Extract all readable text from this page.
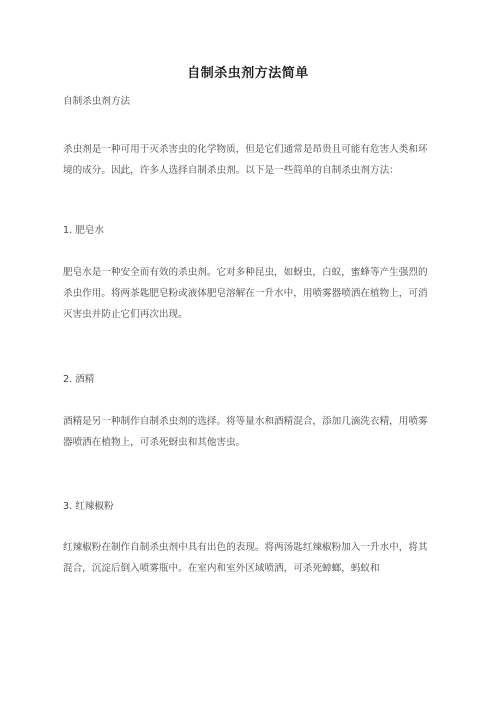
自制杀虫剂方法简单
自制杀虫剂方法
杀虫剂是一种可用于灭杀害虫的化学物质，但是它们通常是昂贵且可能有危害人类和环境的成分。因此，许多人选择自制杀虫剂。以下是一些简单的自制杀虫剂方法：
1. 肥皂水
肥皂水是一种安全而有效的杀虫剂。它对多种昆虫，如蚜虫，白蚁，蜜蜂等产生强烈的杀虫作用。将两茶匙肥皂粉或液体肥皂溶解在一升水中，用喷雾器喷洒在植物上，可消灭害虫并防止它们再次出现。
2. 酒精
酒精是另一种制作自制杀虫剂的选择。将等量水和酒精混合，添加几滴洗衣精，用喷雾器喷洒在植物上，可杀死蚜虫和其他害虫。
3. 红辣椒粉
红辣椒粉在制作自制杀虫剂中具有出色的表现。将两汤匙红辣椒粉加入一升水中，将其混合，沉淀后倒入喷雾瓶中。在室内和室外区域喷洒，可杀死蟑螂，蚂蚁和
